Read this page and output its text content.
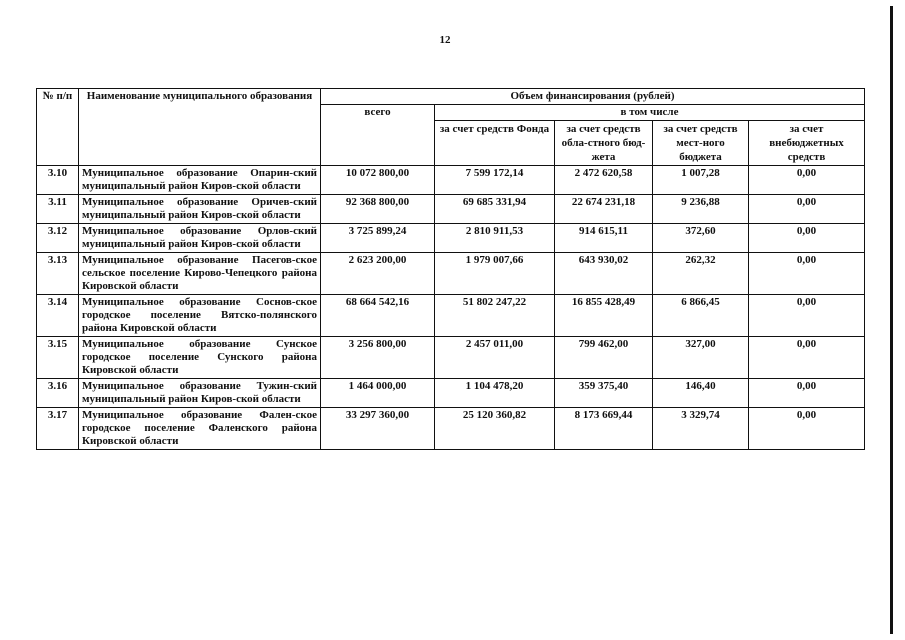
12
№ п/п	Наименование муниципального образования	Объем финансирования (рублей)				
		всего	в том числе			
			за счет средств Фонда	за счет средств обла-стного бюд-жета	за счет средств мест-ного бюджета	за счет внебюджетных средств
3.10	Муниципальное образование Опарин-ский муниципальный район Киров-ской области	10 072 800,00	7 599 172,14	2 472 620,58	1 007,28	0,00
3.11	Муниципальное образование Оричев-ский муниципальный район Киров-ской области	92 368 800,00	69 685 331,94	22 674 231,18	9 236,88	0,00
3.12	Муниципальное образование Орлов-ский муниципальный район Киров-ской области	3 725 899,24	2 810 911,53	914 615,11	372,60	0,00
3.13	Муниципальное образование Пасегов-ское сельское поселение Кирово-Чепецкого района Кировской области	2 623 200,00	1 979 007,66	643 930,02	262,32	0,00
3.14	Муниципальное образование Соснов-ское городское поселение Вятско-полянского района Кировской области	68 664 542,16	51 802 247,22	16 855 428,49	6 866,45	0,00
3.15	Муниципальное образование Сунское городское поселение Сунского района Кировской области	3 256 800,00	2 457 011,00	799 462,00	327,00	0,00
3.16	Муниципальное образование Тужин-ский муниципальный район Киров-ской области	1 464 000,00	1 104 478,20	359 375,40	146,40	0,00
3.17	Муниципальное образование Фален-ское городское поселение Фаленского района Кировской области	33 297 360,00	25 120 360,82	8 173 669,44	3 329,74	0,00
